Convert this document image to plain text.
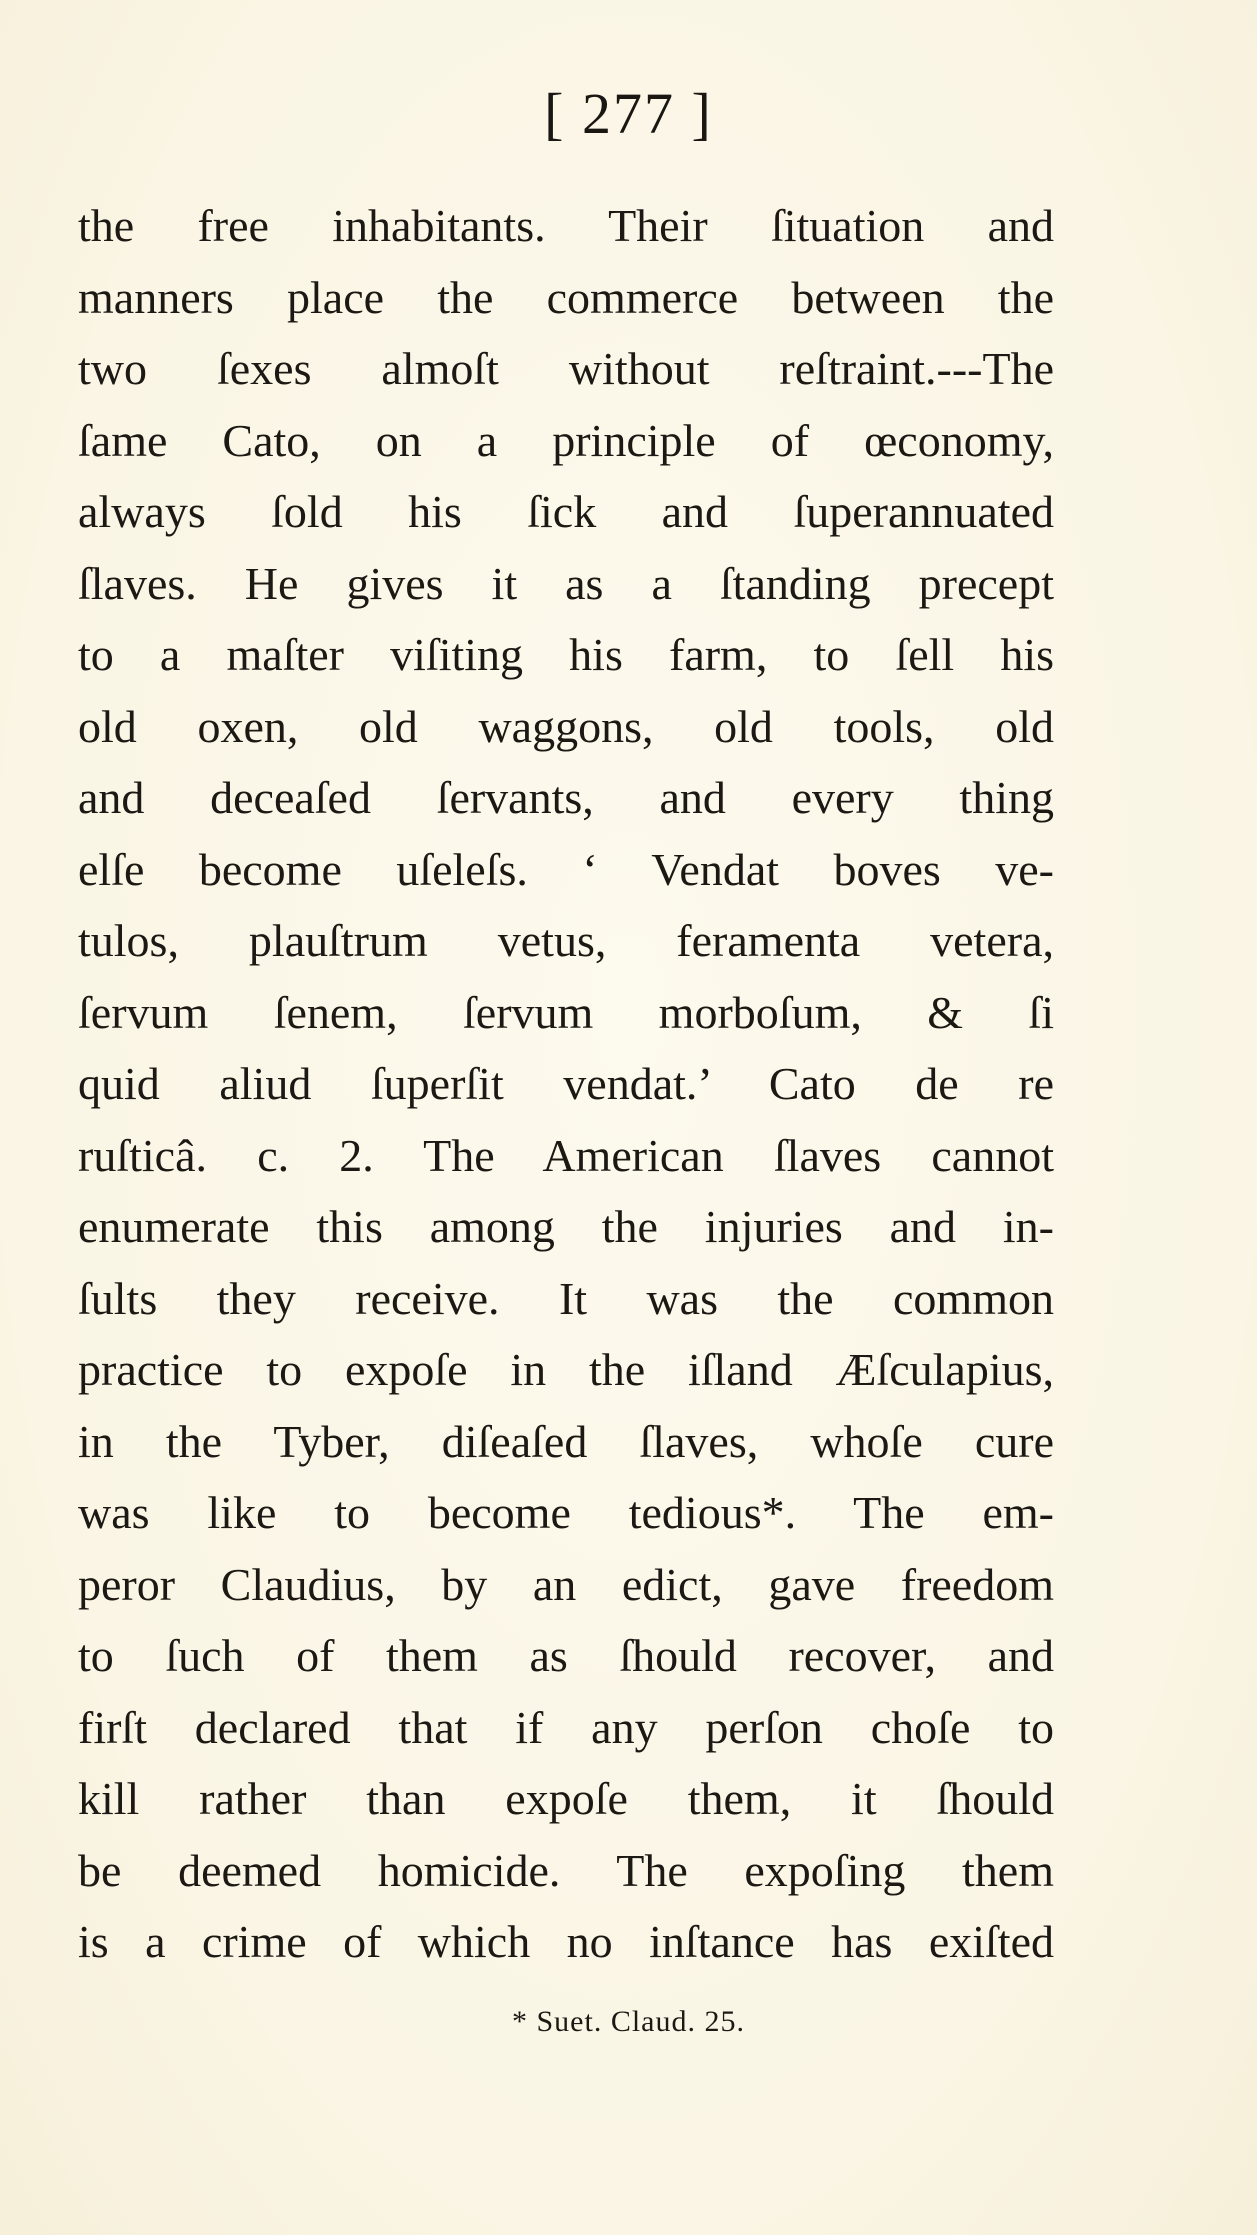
[ 277 ]
the free inhabitants. Their ſituation and
manners place the commerce between the
two ſexes almoſt without reſtraint.---The
ſame Cato, on a principle of œconomy,
always ſold his ſick and ſuperannuated
ſlaves. He gives it as a ſtanding precept
to a maſter viſiting his farm, to ſell his
old oxen, old waggons, old tools, old
and deceaſed ſervants, and every thing
elſe become uſeleſs. ‘ Vendat boves ve-
tulos, plauſtrum vetus, feramenta vetera,
ſervum ſenem, ſervum morboſum, & ſi
quid aliud ſuperſit vendat.’ Cato de re
ruſticâ. c. 2. The American ſlaves cannot
enumerate this among the injuries and in-
ſults they receive. It was the common
practice to expoſe in the iſland Æſculapius,
in the Tyber, diſeaſed ſlaves, whoſe cure
was like to become tedious*. The em-
peror Claudius, by an edict, gave freedom
to ſuch of them as ſhould recover, and
firſt declared that if any perſon choſe to
kill rather than expoſe them, it ſhould
be deemed homicide. The expoſing them
is a crime of which no inſtance has exiſted
* Suet. Claud. 25.
